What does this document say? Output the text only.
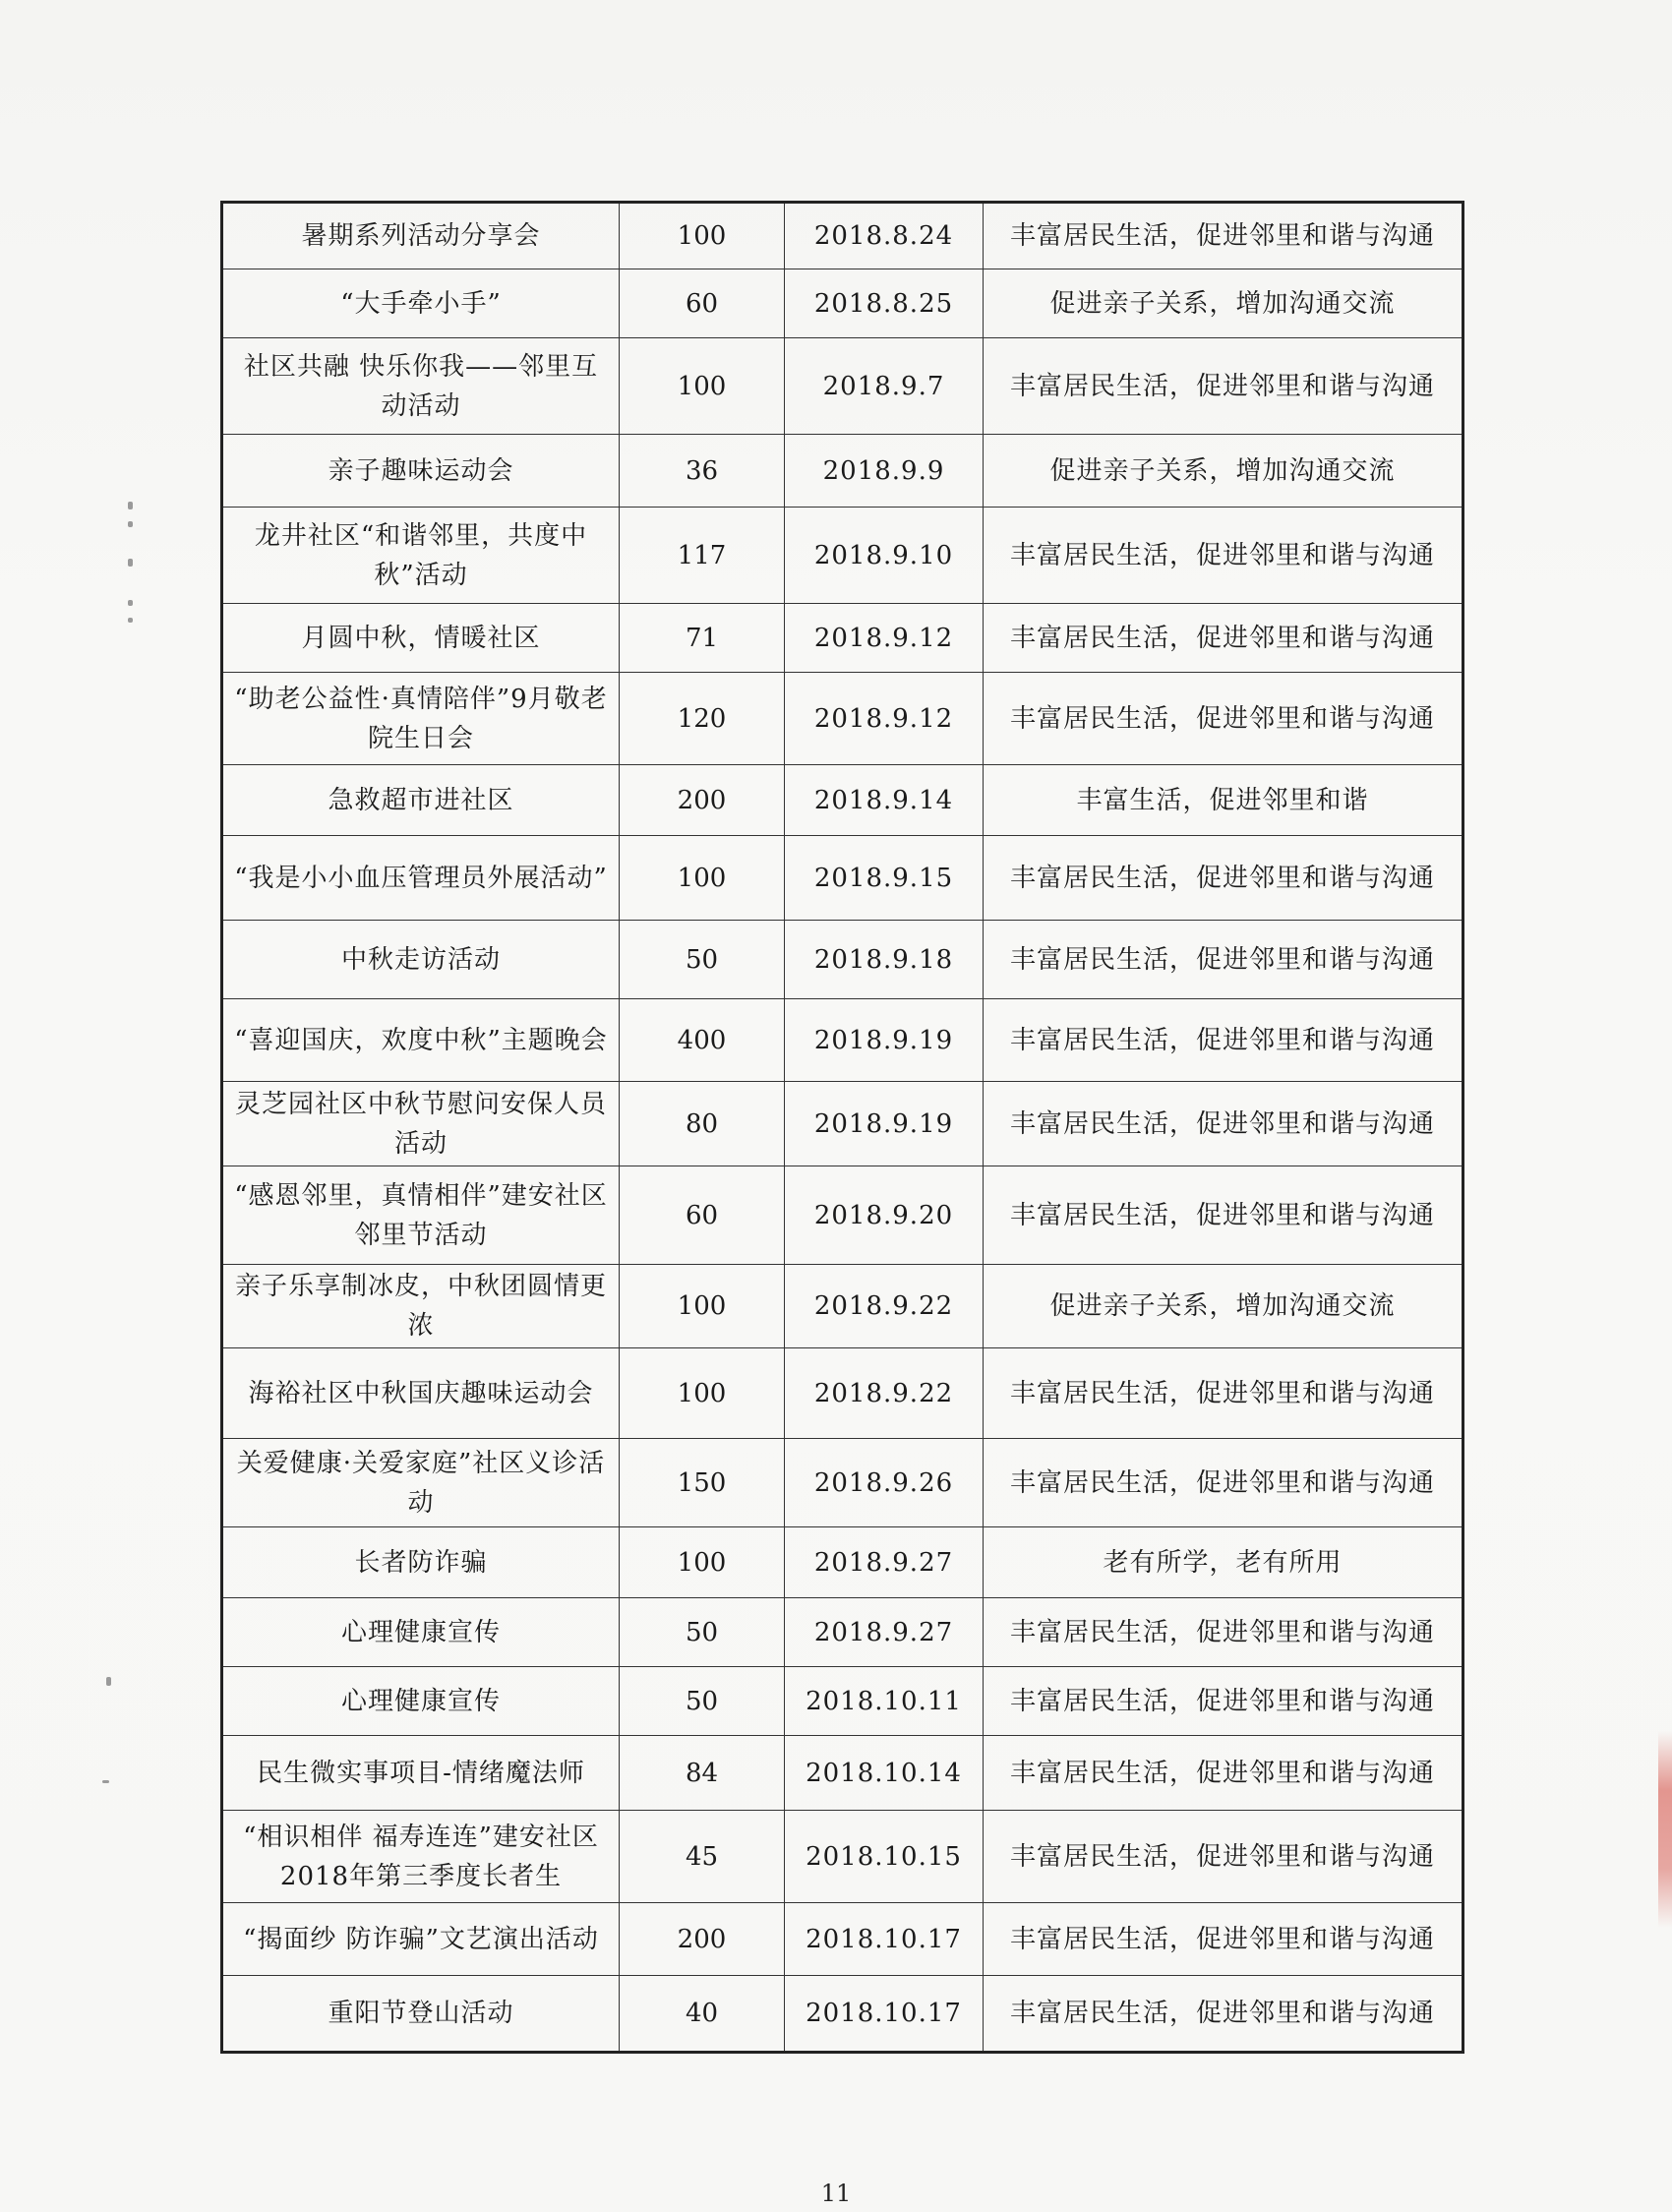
暑期系列活动分享会	100	2018.8.24	丰富居民生活，促进邻里和谐与沟通
“大手牵小手”	60	2018.8.25	促进亲子关系，增加沟通交流
社区共融 快乐你我——邻里互动活动	100	2018.9.7	丰富居民生活，促进邻里和谐与沟通
亲子趣味运动会	36	2018.9.9	促进亲子关系，增加沟通交流
龙井社区“和谐邻里，共度中秋”活动	117	2018.9.10	丰富居民生活，促进邻里和谐与沟通
月圆中秋，情暖社区	71	2018.9.12	丰富居民生活，促进邻里和谐与沟通
“助老公益性·真情陪伴”9月敬老院生日会	120	2018.9.12	丰富居民生活，促进邻里和谐与沟通
急救超市进社区	200	2018.9.14	丰富生活，促进邻里和谐
“我是小小血压管理员外展活动”	100	2018.9.15	丰富居民生活，促进邻里和谐与沟通
中秋走访活动	50	2018.9.18	丰富居民生活，促进邻里和谐与沟通
“喜迎国庆，欢度中秋”主题晚会	400	2018.9.19	丰富居民生活，促进邻里和谐与沟通
灵芝园社区中秋节慰问安保人员活动	80	2018.9.19	丰富居民生活，促进邻里和谐与沟通
“感恩邻里，真情相伴”建安社区邻里节活动	60	2018.9.20	丰富居民生活，促进邻里和谐与沟通
亲子乐享制冰皮，中秋团圆情更浓	100	2018.9.22	促进亲子关系，增加沟通交流
海裕社区中秋国庆趣味运动会	100	2018.9.22	丰富居民生活，促进邻里和谐与沟通
关爱健康·关爱家庭”社区义诊活动	150	2018.9.26	丰富居民生活，促进邻里和谐与沟通
长者防诈骗	100	2018.9.27	老有所学，老有所用
心理健康宣传	50	2018.9.27	丰富居民生活，促进邻里和谐与沟通
心理健康宣传	50	2018.10.11	丰富居民生活，促进邻里和谐与沟通
民生微实事项目-情绪魔法师	84	2018.10.14	丰富居民生活，促进邻里和谐与沟通
“相识相伴 福寿连连”建安社区2018年第三季度长者生	45	2018.10.15	丰富居民生活，促进邻里和谐与沟通
“揭面纱 防诈骗”文艺演出活动	200	2018.10.17	丰富居民生活，促进邻里和谐与沟通
重阳节登山活动	40	2018.10.17	丰富居民生活，促进邻里和谐与沟通
11
